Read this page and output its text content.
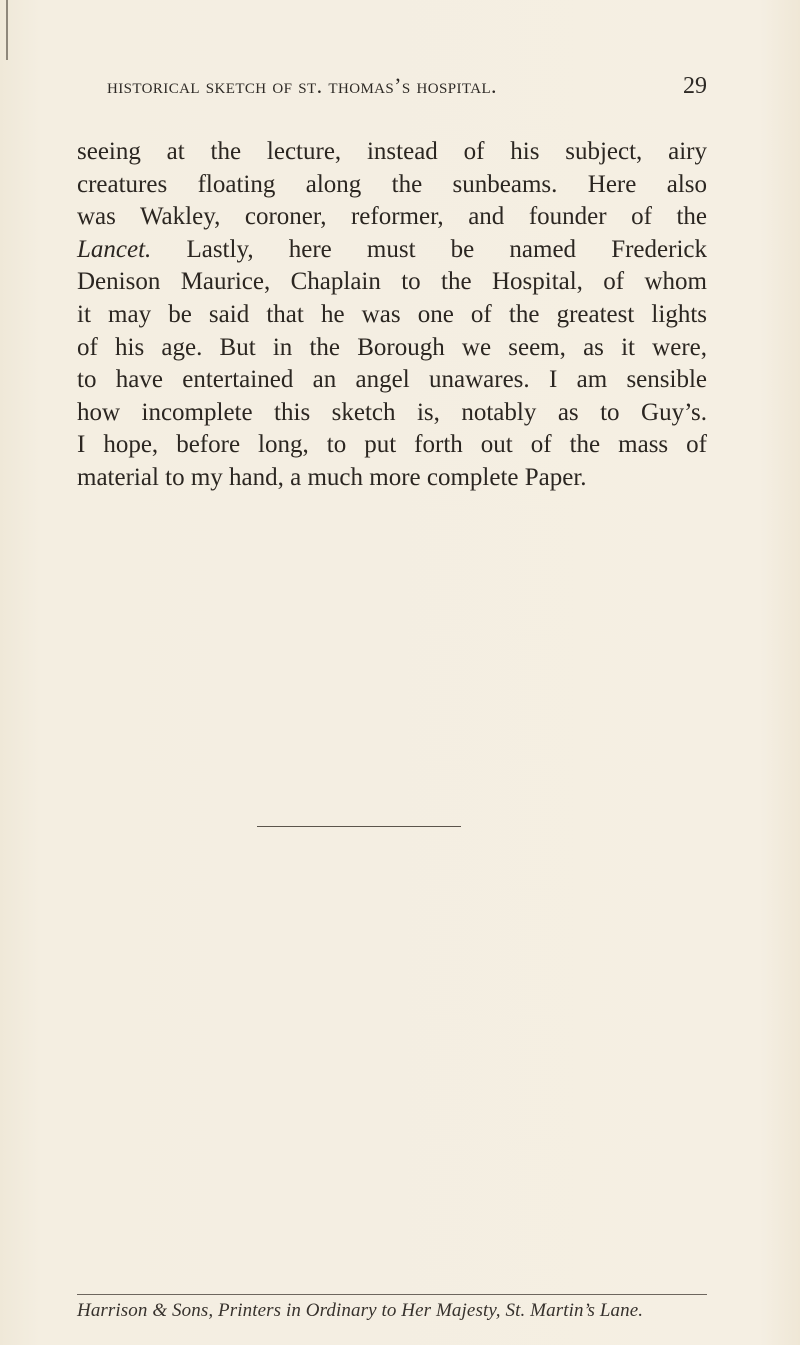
historical sketch of st. thomas’s hospital.	29
seeing at the lecture, instead of his subject, airy
creatures floating along the sunbeams. Here also
was Wakley, coroner, reformer, and founder of the
Lancet. Lastly, here must be named Frederick
Denison Maurice, Chaplain to the Hospital, of whom
it may be said that he was one of the greatest lights
of his age. But in the Borough we seem, as it were,
to have entertained an angel unawares. I am sensible
how incomplete this sketch is, notably as to Guy’s.
I hope, before long, to put forth out of the mass of
material to my hand, a much more complete Paper.
Harrison & Sons, Printers in Ordinary to Her Majesty, St. Martin’s Lane.
